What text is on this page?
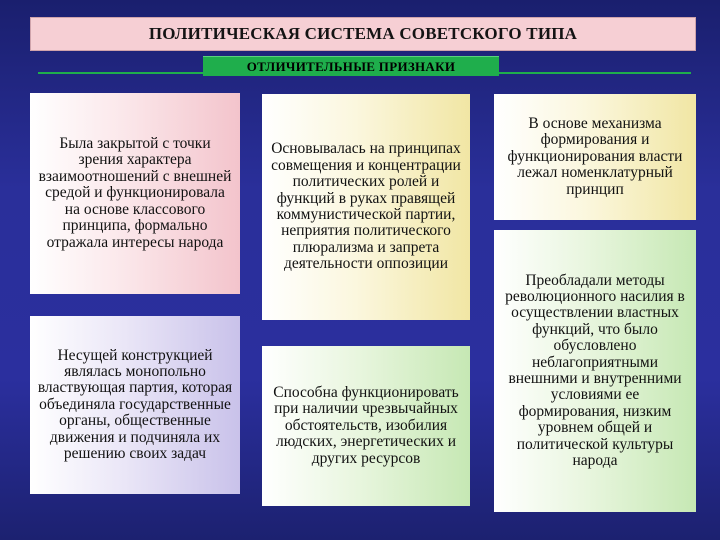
ПОЛИТИЧЕСКАЯ СИСТЕМА СОВЕТСКОГО ТИПА
ОТЛИЧИТЕЛЬНЫЕ ПРИЗНАКИ
Была закрытой с точки зрения характера взаимоотношений с внешней средой и функционировала на основе классового принципа, формально отражала интересы народа
Несущей конструкцией являлась монопольно властвующая партия, которая объединяла государственные органы, общественные движения и подчиняла их решению своих задач
Основывалась на принципах совмещения и концентрации политических ролей и функций в руках правящей коммунистической партии, неприятия политического плюрализма и запрета деятельности оппозиции
Способна функционировать при наличии чрезвычайных обстоятельств, изобилия людских, энергетических и других ресурсов
В основе механизма формирования и функционирования власти лежал номенклатурный принцип
Преобладали методы революционного насилия в осуществлении властных функций, что было обусловлено неблагоприятными внешними и внутренними условиями ее формирования, низким уровнем общей и политической культуры народа
